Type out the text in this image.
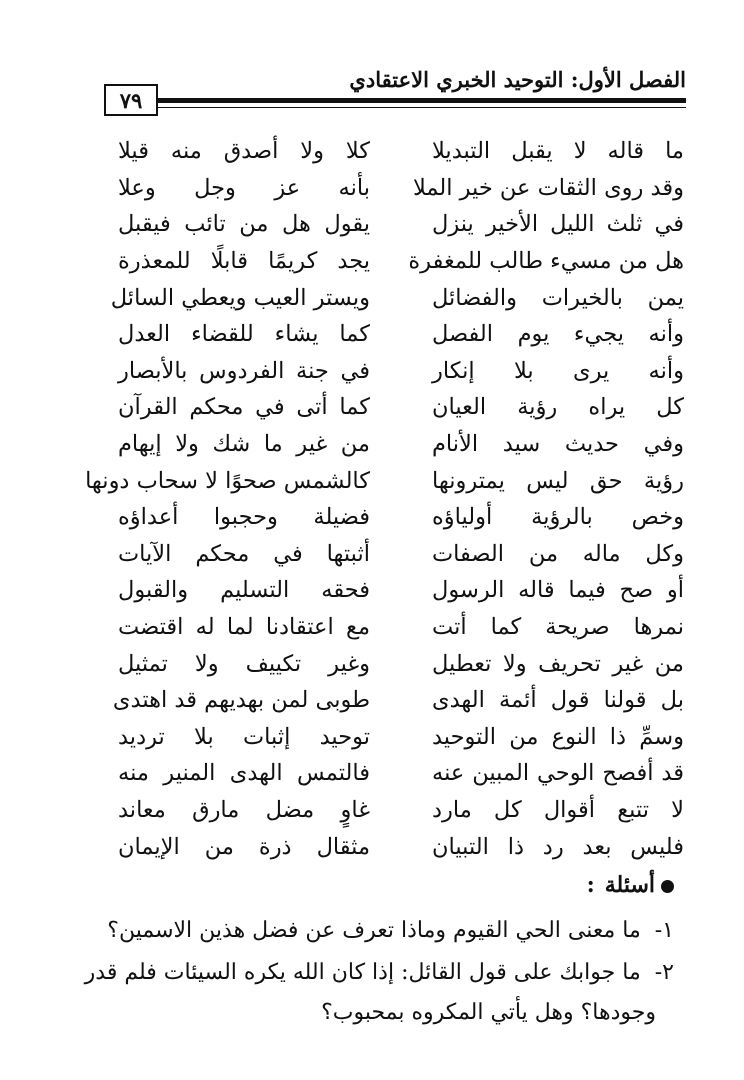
الفصل الأول: التوحيد الخبري الاعتقادي
٧٩
ما قاله لا يقبل التبديلا
كلا ولا أصدق منه قيلا
وقد روى الثقات عن خير الملا
بأنه عز وجل وعلا
في ثلث الليل الأخير ينزل
يقول هل من تائب فيقبل
هل من مسيء طالب للمغفرة
يجد كريمًا قابلًا للمعذرة
يمن بالخيرات والفضائل
ويستر العيب ويعطي السائل
وأنه يجيء يوم الفصل
كما يشاء للقضاء العدل
وأنه يرى بلا إنكار
في جنة الفردوس بالأبصار
كل يراه رؤية العيان
كما أتى في محكم القرآن
وفي حديث سيد الأنام
من غير ما شك ولا إيهام
رؤية حق ليس يمترونها
كالشمس صحوًا لا سحاب دونها
وخص بالرؤية أولياؤه
فضيلة وحجبوا أعداؤه
وكل ماله من الصفات
أثبتها في محكم الآيات
أو صح فيما قاله الرسول
فحقه التسليم والقبول
نمرها صريحة كما أتت
مع اعتقادنا لما له اقتضت
من غير تحريف ولا تعطيل
وغير تكييف ولا تمثيل
بل قولنا قول أئمة الهدى
طوبى لمن بهديهم قد اهتدى
وسمِّ ذا النوع من التوحيد
توحيد إثبات بلا ترديد
قد أفصح الوحي المبين عنه
فالتمس الهدى المنير منه
لا تتبع أقوال كل مارد
غاوٍ مضل مارق معاند
فليس بعد رد ذا التبيان
مثقال ذرة من الإيمان
أسئلة:
١-ما معنى الحي القيوم وماذا تعرف عن فضل هذين الاسمين؟
٢-ما جوابك على قول القائل: إذا كان الله يكره السيئات فلم قدر
وجودها؟ وهل يأتي المكروه بمحبوب؟
